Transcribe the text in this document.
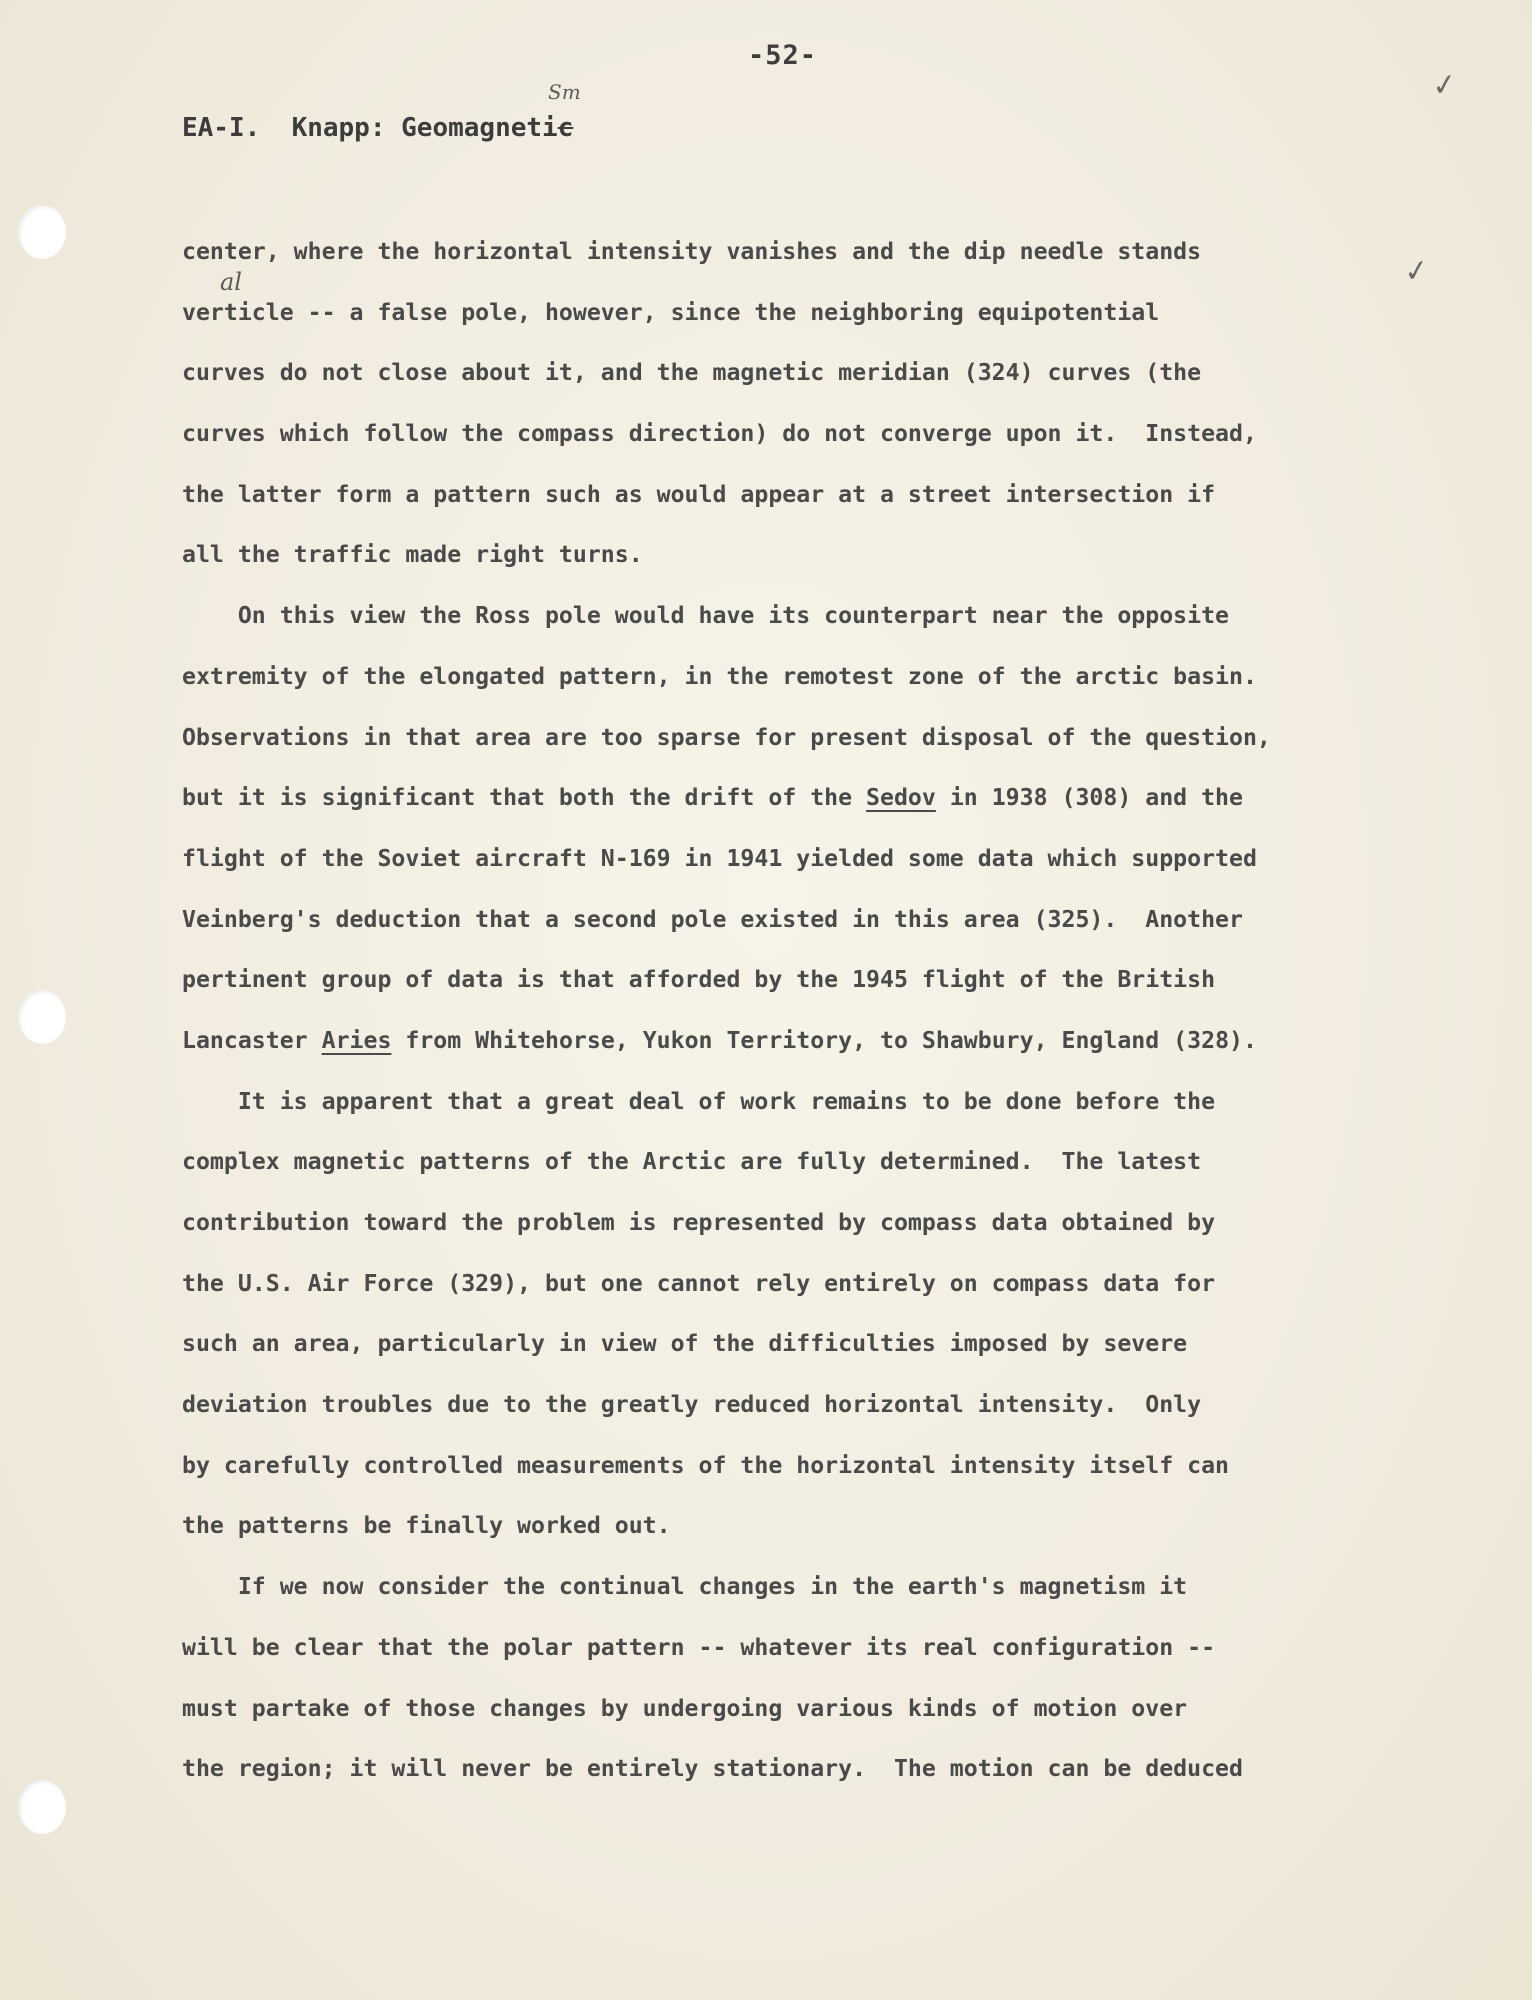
-52-
Sm
EA-I.  Knapp: Geomagnetic
✓
✓
al
center, where the horizontal intensity vanishes and the dip needle stands
verticle -- a false pole, however, since the neighboring equipotential
curves do not close about it, and the magnetic meridian (324) curves (the
curves which follow the compass direction) do not converge upon it.  Instead,
the latter form a pattern such as would appear at a street intersection if
all the traffic made right turns.
On this view the Ross pole would have its counterpart near the opposite
extremity of the elongated pattern, in the remotest zone of the arctic basin.
Observations in that area are too sparse for present disposal of the question,
but it is significant that both the drift of the Sedov in 1938 (308) and the
flight of the Soviet aircraft N-169 in 1941 yielded some data which supported
Veinberg's deduction that a second pole existed in this area (325).  Another
pertinent group of data is that afforded by the 1945 flight of the British
Lancaster Aries from Whitehorse, Yukon Territory, to Shawbury, England (328).
It is apparent that a great deal of work remains to be done before the
complex magnetic patterns of the Arctic are fully determined.  The latest
contribution toward the problem is represented by compass data obtained by
the U.S. Air Force (329), but one cannot rely entirely on compass data for
such an area, particularly in view of the difficulties imposed by severe
deviation troubles due to the greatly reduced horizontal intensity.  Only
by carefully controlled measurements of the horizontal intensity itself can
the patterns be finally worked out.
If we now consider the continual changes in the earth's magnetism it
will be clear that the polar pattern -- whatever its real configuration --
must partake of those changes by undergoing various kinds of motion over
the region; it will never be entirely stationary.  The motion can be deduced
